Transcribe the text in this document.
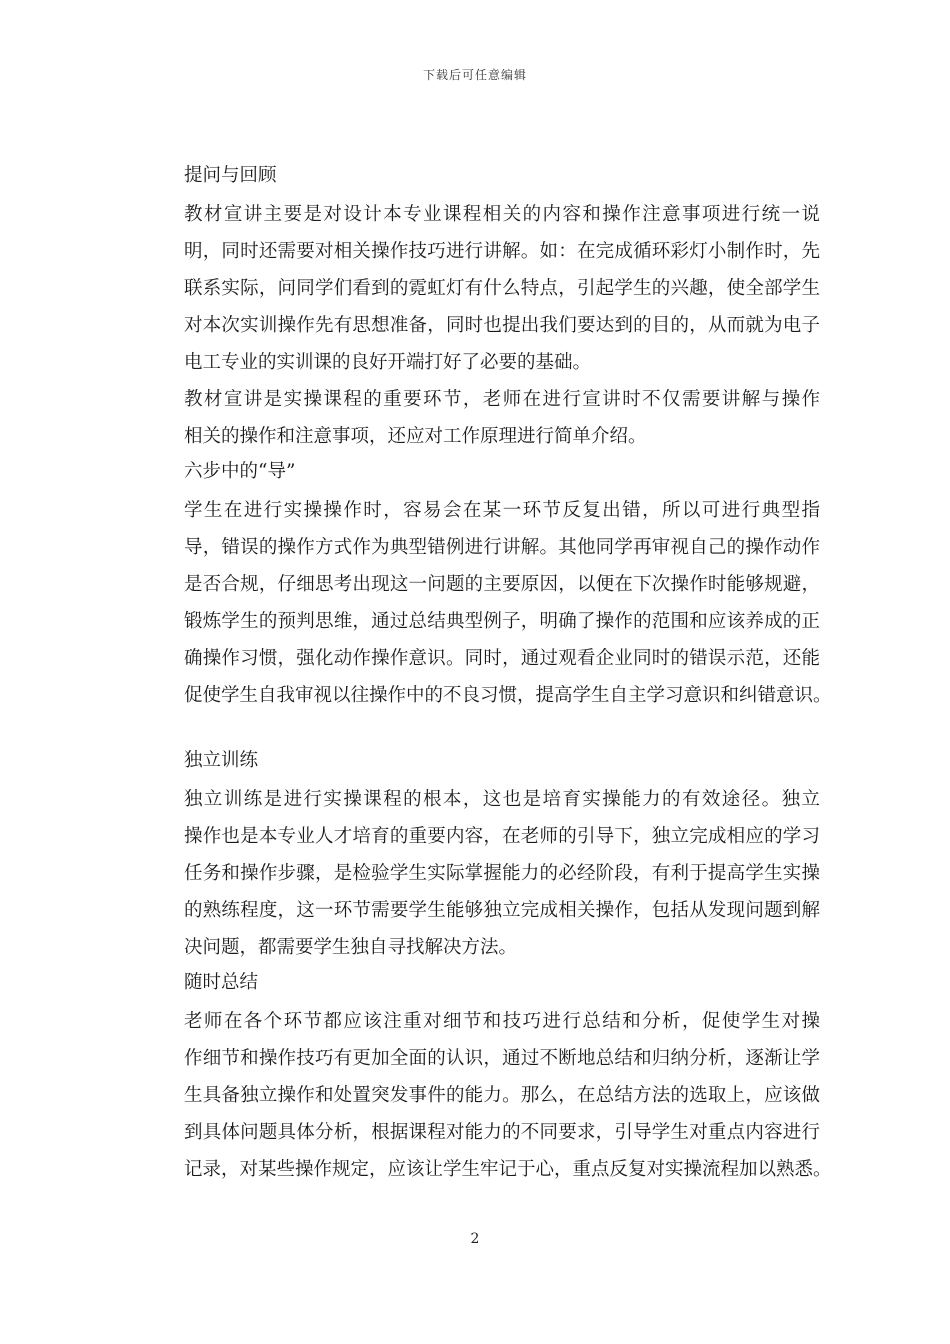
下载后可任意编辑
提问与回顾
教材宣讲主要是对设计本专业课程相关的内容和操作注意事项进行统一说
明，同时还需要对相关操作技巧进行讲解。如：在完成循环彩灯小制作时，先
联系实际，问同学们看到的霓虹灯有什么特点，引起学生的兴趣，使全部学生
对本次实训操作先有思想准备，同时也提出我们要达到的目的，从而就为电子
电工专业的实训课的良好开端打好了必要的基础。
教材宣讲是实操课程的重要环节，老师在进行宣讲时不仅需要讲解与操作
相关的操作和注意事项，还应对工作原理进行简单介绍。
六步中的“导”
学生在进行实操操作时，容易会在某一环节反复出错，所以可进行典型指
导，错误的操作方式作为典型错例进行讲解。其他同学再审视自己的操作动作
是否合规，仔细思考出现这一问题的主要原因，以便在下次操作时能够规避，
锻炼学生的预判思维，通过总结典型例子，明确了操作的范围和应该养成的正
确操作习惯，强化动作操作意识。同时，通过观看企业同时的错误示范，还能
促使学生自我审视以往操作中的不良习惯，提高学生自主学习意识和纠错意识。
独立训练
独立训练是进行实操课程的根本，这也是培育实操能力的有效途径。独立
操作也是本专业人才培育的重要内容，在老师的引导下，独立完成相应的学习
任务和操作步骤，是检验学生实际掌握能力的必经阶段，有利于提高学生实操
的熟练程度，这一环节需要学生能够独立完成相关操作，包括从发现问题到解
决问题，都需要学生独自寻找解决方法。
随时总结
老师在各个环节都应该注重对细节和技巧进行总结和分析，促使学生对操
作细节和操作技巧有更加全面的认识，通过不断地总结和归纳分析，逐渐让学
生具备独立操作和处置突发事件的能力。那么，在总结方法的选取上，应该做
到具体问题具体分析，根据课程对能力的不同要求，引导学生对重点内容进行
记录，对某些操作规定，应该让学生牢记于心，重点反复对实操流程加以熟悉。
2
